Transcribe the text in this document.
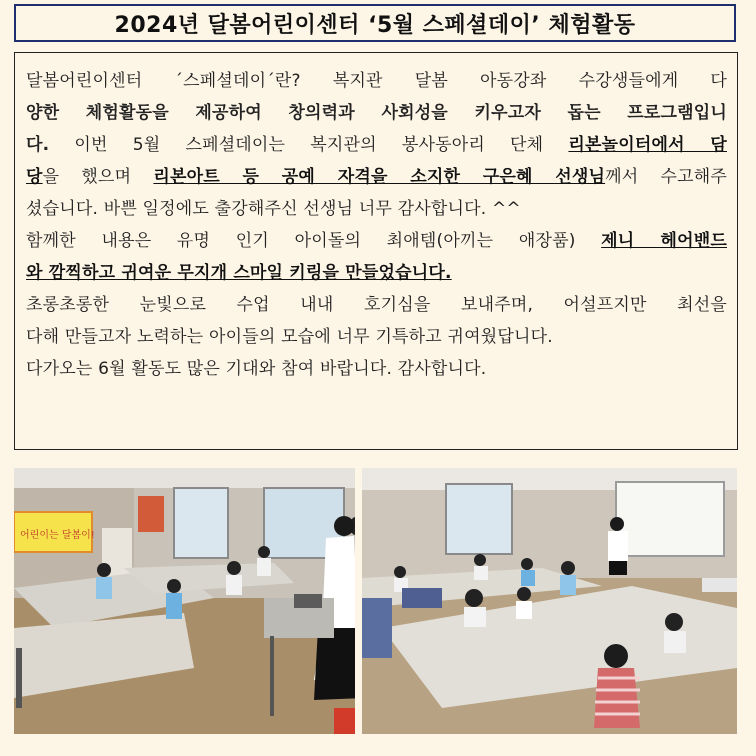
2024년 달봄어린이센터 ‘5월 스페셜데이’ 체험활동
달봄어린이센터 ´스페셜데이´란? 복지관 달봄 아동강좌 수강생들에게 다
양한 체험활동을 제공하여 창의력과 사회성을 키우고자 돕는 프로그램입니
다. 이번 5월 스페셜데이는 복지관의 봉사동아리 단체 리본놀이터에서 담
당을 했으며 리본아트 등 공예 자격을 소지한 구은혜 선생님께서 수고해주
셨습니다. 바쁜 일정에도 출강해주신 선생님 너무 감사합니다. ^^
함께한 내용은 유명 인기 아이돌의 최애템(아끼는 애장품) 제니 헤어밴드
와 깜찍하고 귀여운 무지개 스마일 키링을 만들었습니다.
초롱초롱한 눈빛으로 수업 내내 호기심을 보내주며, 어설프지만 최선을
다해 만들고자 노력하는 아이들의 모습에 너무 기특하고 귀여웠답니다.
다가오는 6월 활동도 많은 기대와 참여 바랍니다. 감사합니다.
어린이는 달봄이!
